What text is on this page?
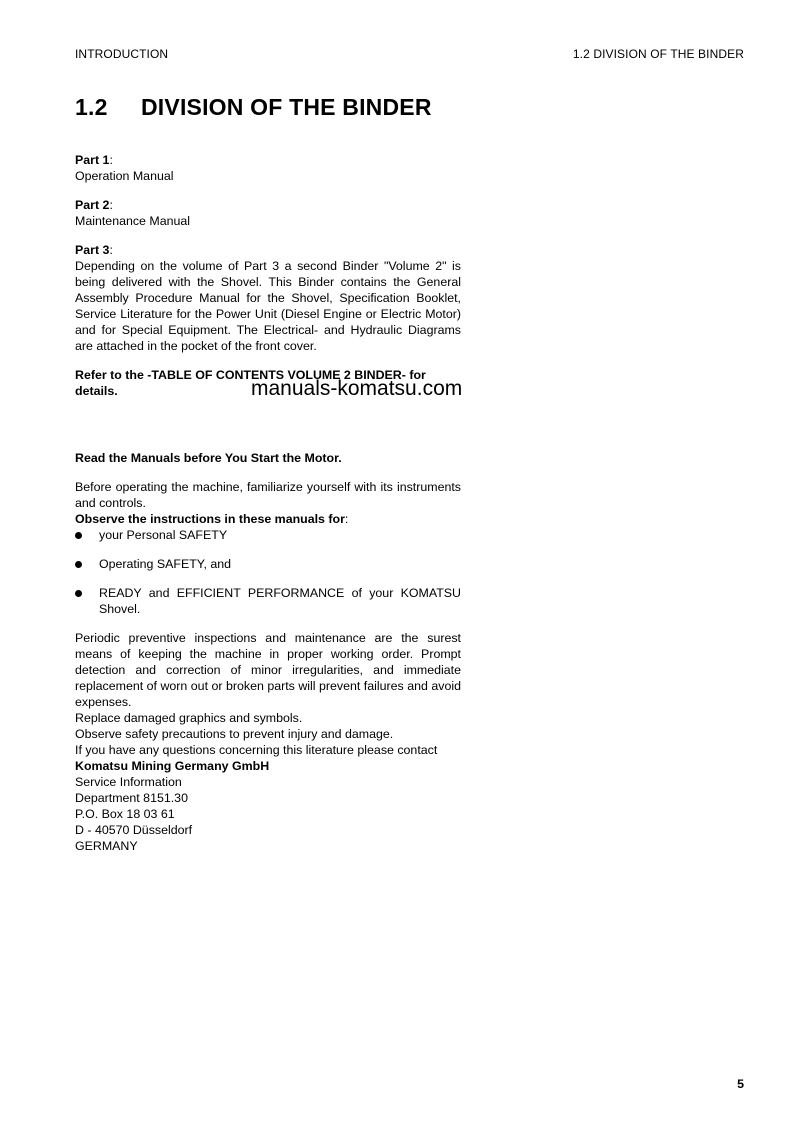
INTRODUCTION	1.2 DIVISION OF THE BINDER
1.2 DIVISION OF THE BINDER

Part 1:

Operation Manual

Part 2:

Maintenance Manual

Part 3:

Depending on the volume of Part 3 a second Binder "Volume 2" is being delivered with the Shovel. This Binder contains the General Assembly Procedure Manual for the Shovel, Specification Booklet, Service Literature for the Power Unit (Diesel Engine or Electric Motor) and for Special Equipment. The Electrical- and Hydraulic Diagrams are attached in the pocket of the front cover.

Refer to the -TABLE OF CONTENTS VOLUME 2 BINDER- for details.	manuals-komatsu.com
Read the Manuals before You Start the Motor.

Before operating the machine, familiarize yourself with its instruments and controls.

Observe the instructions in these manuals for:

your Personal SAFETY
Operating SAFETY, and
READY and EFFICIENT PERFORMANCE of your KOMATSU Shovel.

Periodic preventive inspections and maintenance are the surest means of keeping the machine in proper working order. Prompt detection and correction of minor irregularities, and immediate replacement of worn out or broken parts will prevent failures and avoid expenses.

Replace damaged graphics and symbols.

Observe safety precautions to prevent injury and damage.

If you have any questions concerning this literature please contact

Komatsu Mining Germany GmbH

Service Information

Department 8151.30

P.O. Box 18 03 61

D - 40570 Düsseldorf

GERMANY

5
